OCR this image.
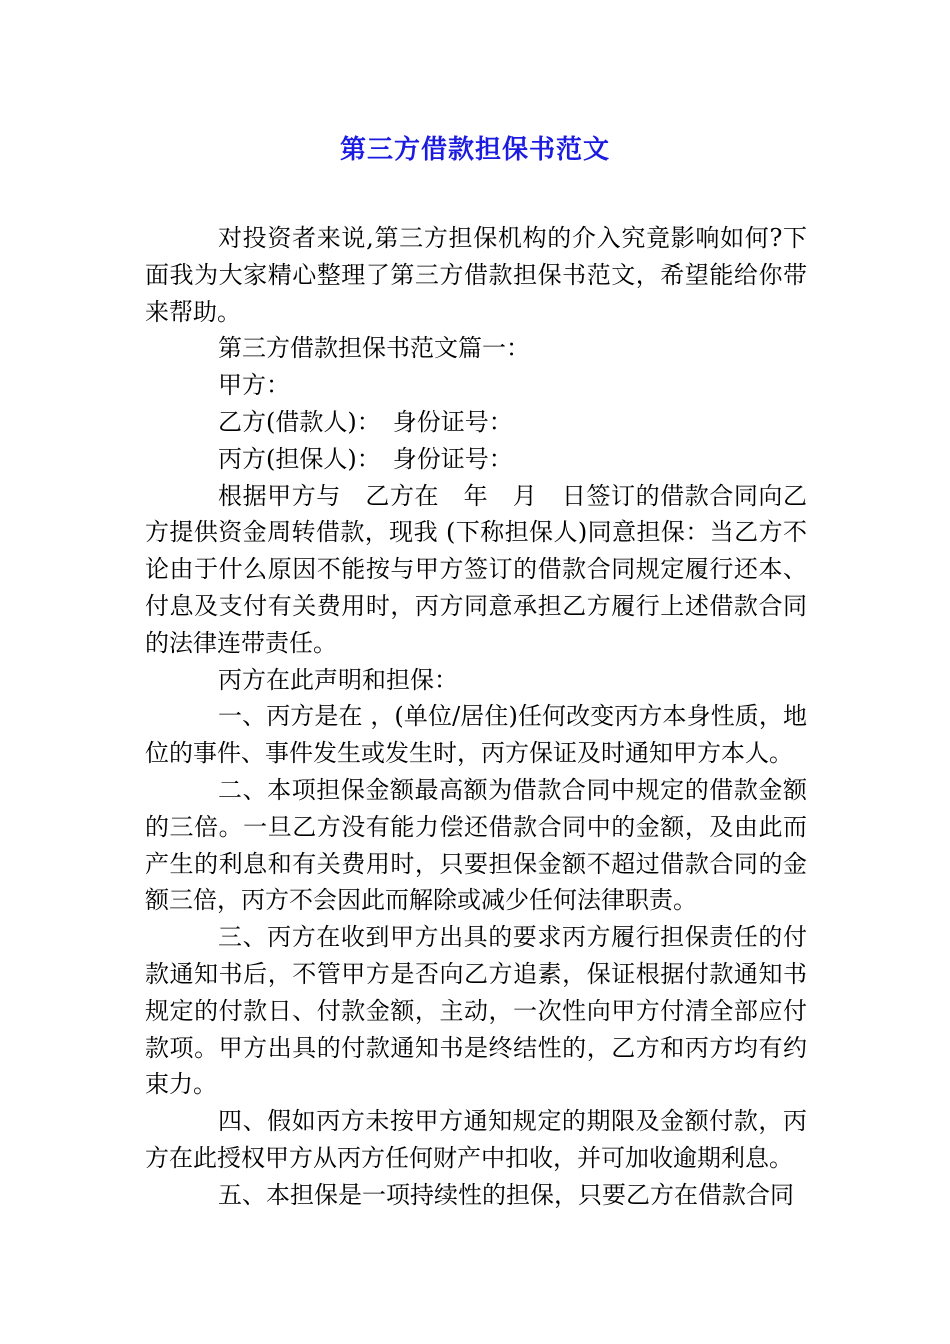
第三方借款担保书范文

对投资者来说,第三方担保机构的介入究竟影响如何?下面我为大家精心整理了第三方借款担保书范文，希望能给你带来帮助。

第三方借款担保书范文篇一：

甲方：

乙方(借款人)：　身份证号：

丙方(担保人)：　身份证号：

根据甲方与　乙方在　年　月　日签订的借款合同向乙方提供资金周转借款，现我 (下称担保人)同意担保：当乙方不论由于什么原因不能按与甲方签订的借款合同规定履行还本、付息及支付有关费用时，丙方同意承担乙方履行上述借款合同的法律连带责任。

丙方在此声明和担保：

一、丙方是在 ，(单位/居住)任何改变丙方本身性质，地位的事件、事件发生或发生时，丙方保证及时通知甲方本人。

二、本项担保金额最高额为借款合同中规定的借款金额的三倍。一旦乙方没有能力偿还借款合同中的金额，及由此而产生的利息和有关费用时，只要担保金额不超过借款合同的金额三倍，丙方不会因此而解除或减少任何法律职责。

三、丙方在收到甲方出具的要求丙方履行担保责任的付款通知书后，不管甲方是否向乙方追素，保证根据付款通知书规定的付款日、付款金额，主动，一次性向甲方付清全部应付款项。甲方出具的付款通知书是终结性的，乙方和丙方均有约束力。

四、假如丙方未按甲方通知规定的期限及金额付款，丙方在此授权甲方从丙方任何财产中扣收，并可加收逾期利息。

五、本担保是一项持续性的担保，只要乙方在借款合同
